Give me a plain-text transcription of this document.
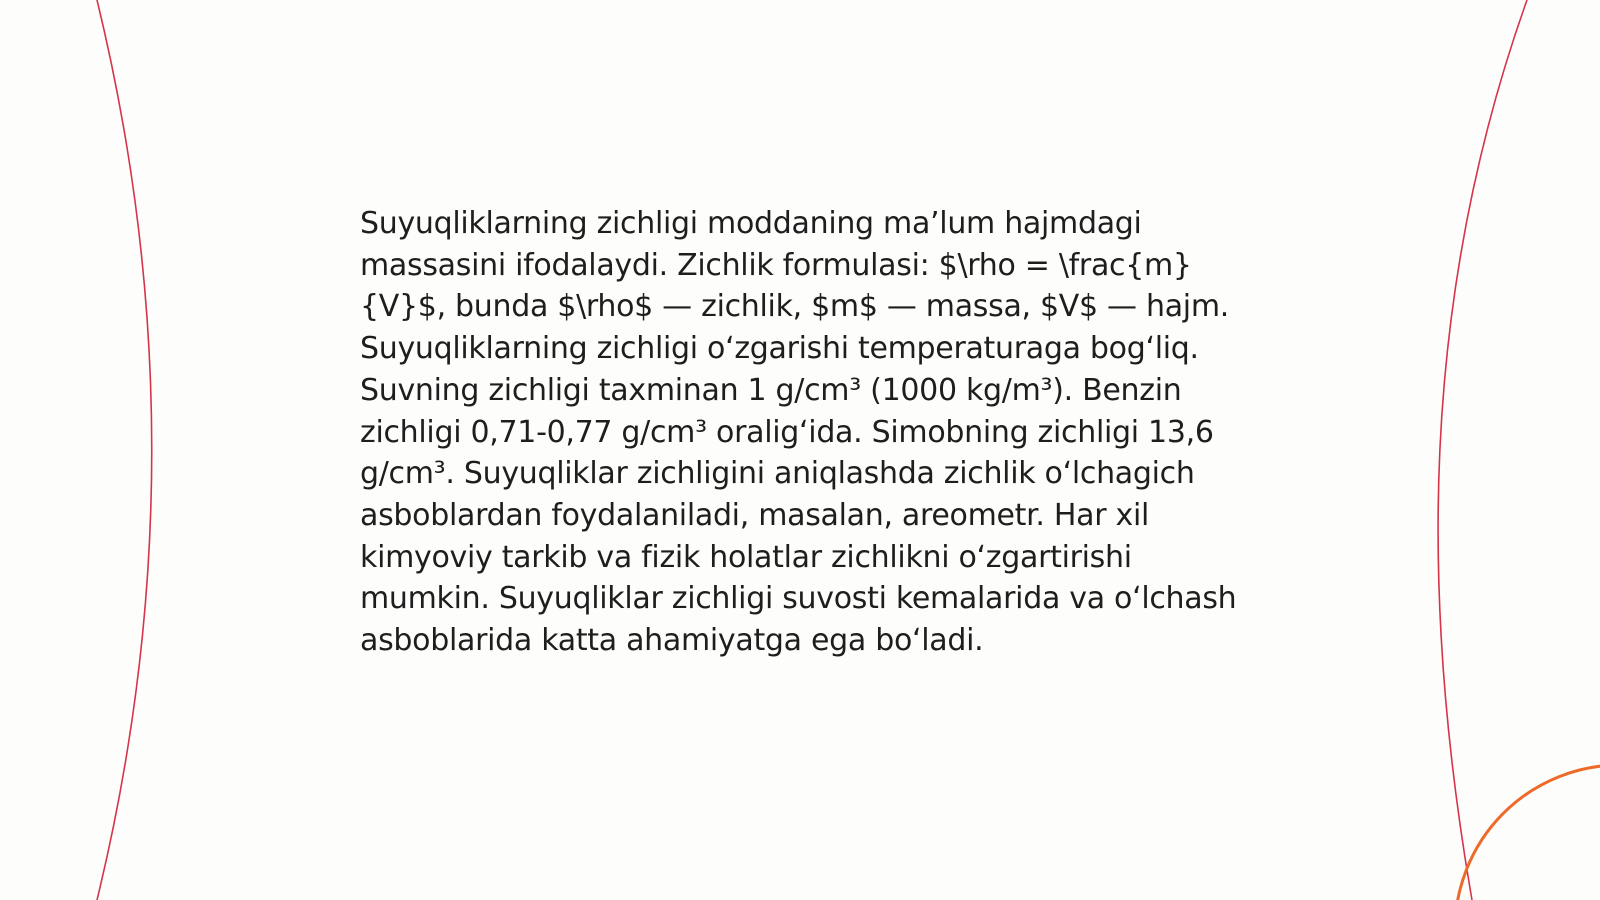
Suyuqliklarning zichligi moddaning ma’lum hajmdagi massasini ifodalaydi. Zichlik formulasi: $\rho = \frac{m}{V}$, bunda $\rho$ — zichlik, $m$ — massa, $V$ — hajm. Suyuqliklarning zichligi o‘zgarishi temperaturaga bog‘liq. Suvning zichligi taxminan 1 g/cm³ (1000 kg/m³). Benzin zichligi 0,71-0,77 g/cm³ oralig‘ida. Simobning zichligi 13,6 g/cm³. Suyuqliklar zichligini aniqlashda zichlik o‘lchagich asboblardan foydalaniladi, masalan, areometr. Har xil kimyoviy tarkib va fizik holatlar zichlikni o‘zgartirishi mumkin. Suyuqliklar zichligi suvosti kemalarida va o‘lchash asboblarida katta ahamiyatga ega bo‘ladi.
